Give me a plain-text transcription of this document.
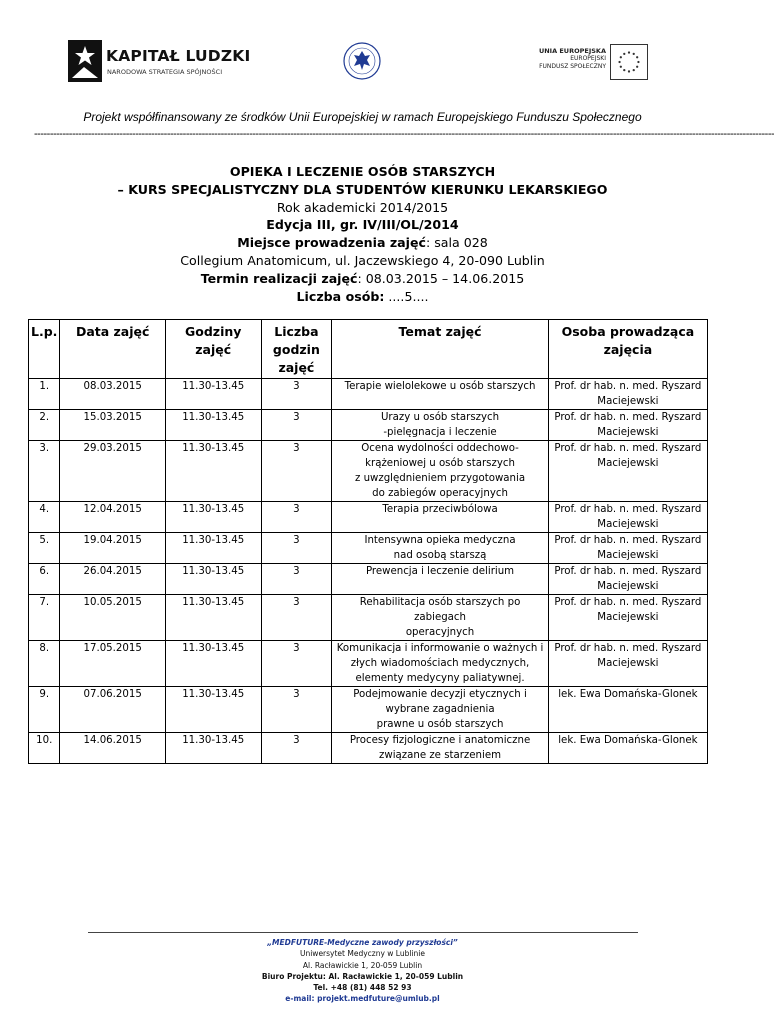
KAPITAŁ LUDZKI
NARODOWA STRATEGIA SPÓJNOŚCI
UNIA EUROPEJSKA
EUROPEJSKI
FUNDUSZ SPOŁECZNY
Projekt współfinansowany ze środków Unii Europejskiej w ramach Europejskiego Funduszu Społecznego
------------------------------------------------------------------------------------------------------------------------------------------------------------------------------------------------------------------------------------------
OPIEKA I LECZENIE OSÓB STARSZYCH
– KURS SPECJALISTYCZNY DLA STUDENTÓW KIERUNKU LEKARSKIEGO
Rok akademicki 2014/2015
Edycja III, gr. IV/III/OL/2014
Miejsce prowadzenia zajęć: sala 028
Collegium Anatomicum, ul. Jaczewskiego 4, 20-090 Lublin
Termin realizacji zajęć: 08.03.2015 – 14.06.2015
Liczba osób: ....5....
L.p.	Data zajęć	Godziny zajęć	Liczba godzin zajęć	Temat zajęć	Osoba prowadząca zajęcia
1.	08.03.2015	11.30-13.45	3	Terapie wielolekowe u osób starszych	Prof. dr hab. n. med. Ryszard Maciejewski
2.	15.03.2015	11.30-13.45	3	Urazy u osób starszych
-pielęgnacja i leczenie	Prof. dr hab. n. med. Ryszard Maciejewski
3.	29.03.2015	11.30-13.45	3	Ocena wydolności oddechowo-
krążeniowej u osób starszych
z uwzględnieniem przygotowania
do zabiegów operacyjnych	Prof. dr hab. n. med. Ryszard Maciejewski
4.	12.04.2015	11.30-13.45	3	Terapia przeciwbólowa	Prof. dr hab. n. med. Ryszard Maciejewski
5.	19.04.2015	11.30-13.45	3	Intensywna opieka medyczna
nad osobą starszą	Prof. dr hab. n. med. Ryszard Maciejewski
6.	26.04.2015	11.30-13.45	3	Prewencja i leczenie delirium	Prof. dr hab. n. med. Ryszard Maciejewski
7.	10.05.2015	11.30-13.45	3	Rehabilitacja osób starszych po zabiegach
operacyjnych	Prof. dr hab. n. med. Ryszard Maciejewski
8.	17.05.2015	11.30-13.45	3	Komunikacja i informowanie o ważnych i
złych wiadomościach medycznych,
elementy medycyny paliatywnej.	Prof. dr hab. n. med. Ryszard Maciejewski
9.	07.06.2015	11.30-13.45	3	Podejmowanie decyzji etycznych i
wybrane zagadnienia
prawne u osób starszych	lek. Ewa Domańska-Glonek
10.	14.06.2015	11.30-13.45	3	Procesy fizjologiczne i anatomiczne
związane ze starzeniem	lek. Ewa Domańska-Glonek
„MEDFUTURE-Medyczne zawody przyszłości”
Uniwersytet Medyczny w Lublinie
Al. Racławickie 1, 20-059 Lublin
Biuro Projektu: Al. Racławickie 1, 20-059 Lublin
Tel. +48 (81) 448 52 93
e-mail: projekt.medfuture@umlub.pl
